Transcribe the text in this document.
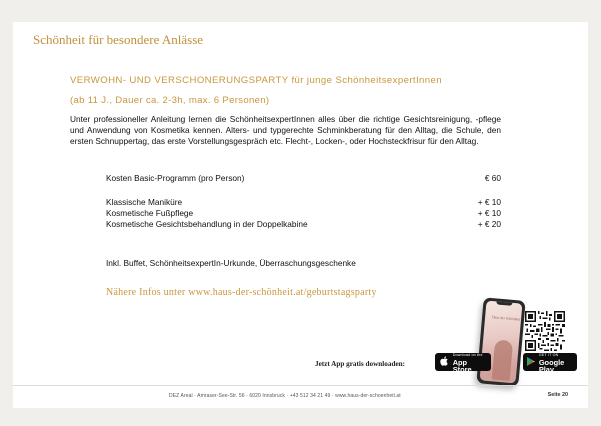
Schönheit für besondere Anlässe
VERWOHN- UND VERSCHONERUNGSPARTY für junge SchönheitsexpertInnen
(ab 11 J., Dauer ca. 2-3h, max. 6 Personen)

Unter professioneller Anleitung lernen die SchönheitsexpertInnen alles über die richtige Gesichtsreinigung, -pflege und Anwendung von Kosmetika kennen. Alters- und typgerechte Schminkberatung für den Alltag, die Schule, den ersten Schnuppertag, das erste Vorstellungsgespräch etc. Flecht-, Locken-, oder Hochsteckfrisur für den Alltag.

Kosten Basic-Programm (pro Person)	€ 60
Klassische Maniküre	+ € 10
Kosmetische Fußpflege	+ € 10
Kosmetische Gesichtsbehandlung in der Doppelkabine	+ € 20
Inkl. Buffet, SchönheitsexpertIn-Urkunde, Überraschungsgeschenke
Nähere Infos unter www.haus-der-schönheit.at/geburtstagsparty
Haus der Schönheit
Jetzt App gratis downloaden:
Download on the
App Store
GET IT ON
Google Play
DEZ Areal · Amraser-See-Str. 56 · 6020 Innsbruck · +43 512 34 21 49 · www.haus-der-schoenheit.at	Seite 20
